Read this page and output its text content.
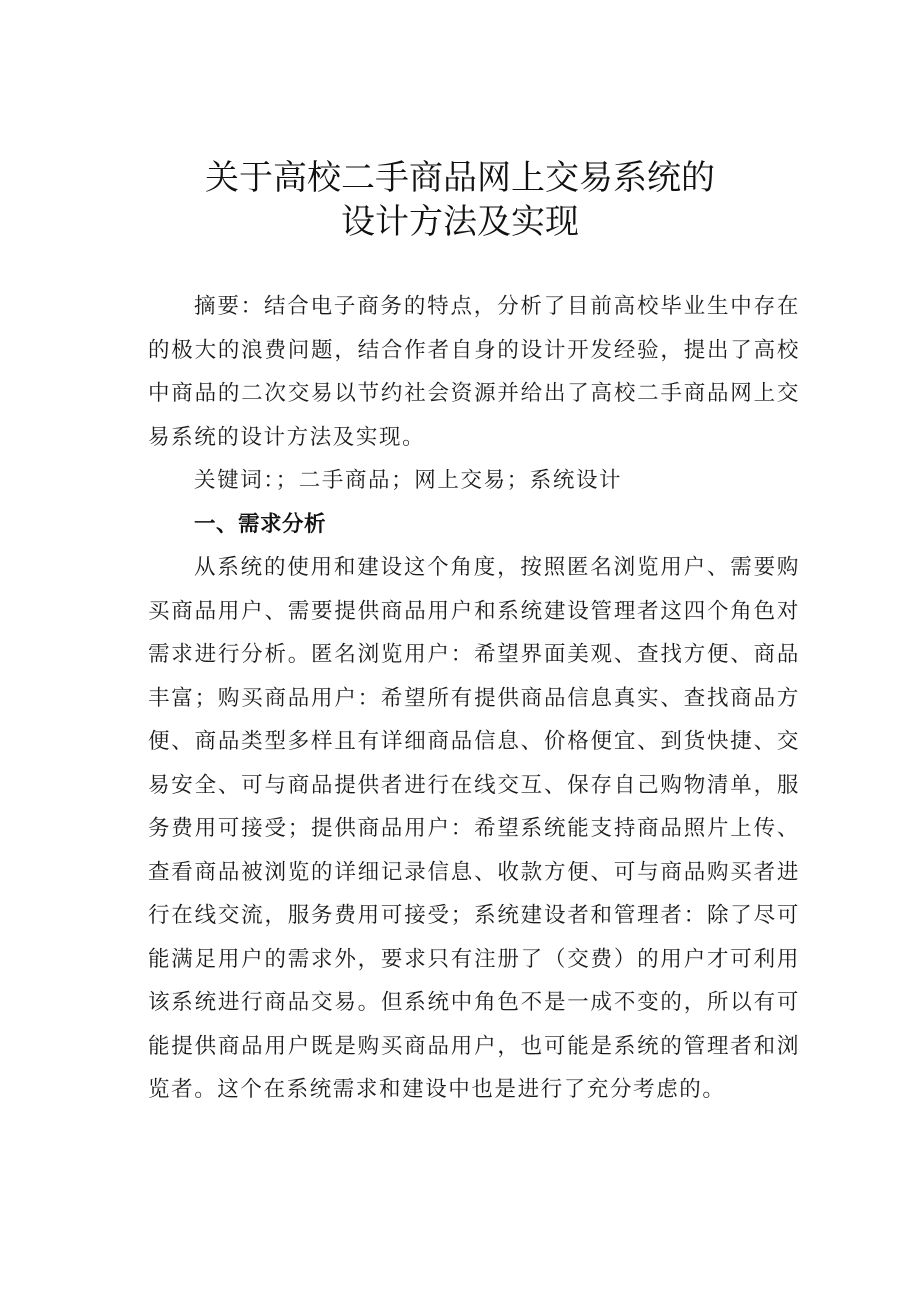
关于高校二手商品网上交易系统的
设计方法及实现

摘要：结合电子商务的特点，分析了目前高校毕业生中存在的极大的浪费问题，结合作者自身的设计开发经验，提出了高校中商品的二次交易以节约社会资源并给出了高校二手商品网上交易系统的设计方法及实现。

关键词：；二手商品；网上交易；系统设计

一、需求分析

从系统的使用和建设这个角度，按照匿名浏览用户、需要购买商品用户、需要提供商品用户和系统建设管理者这四个角色对需求进行分析。匿名浏览用户：希望界面美观、查找方便、商品丰富；购买商品用户：希望所有提供商品信息真实、查找商品方便、商品类型多样且有详细商品信息、价格便宜、到货快捷、交易安全、可与商品提供者进行在线交互、保存自己购物清单，服务费用可接受；提供商品用户：希望系统能支持商品照片上传、查看商品被浏览的详细记录信息、收款方便、可与商品购买者进行在线交流，服务费用可接受；系统建设者和管理者：除了尽可能满足用户的需求外，要求只有注册了（交费）的用户才可利用该系统进行商品交易。但系统中角色不是一成不变的，所以有可能提供商品用户既是购买商品用户，也可能是系统的管理者和浏览者。这个在系统需求和建设中也是进行了充分考虑的。
